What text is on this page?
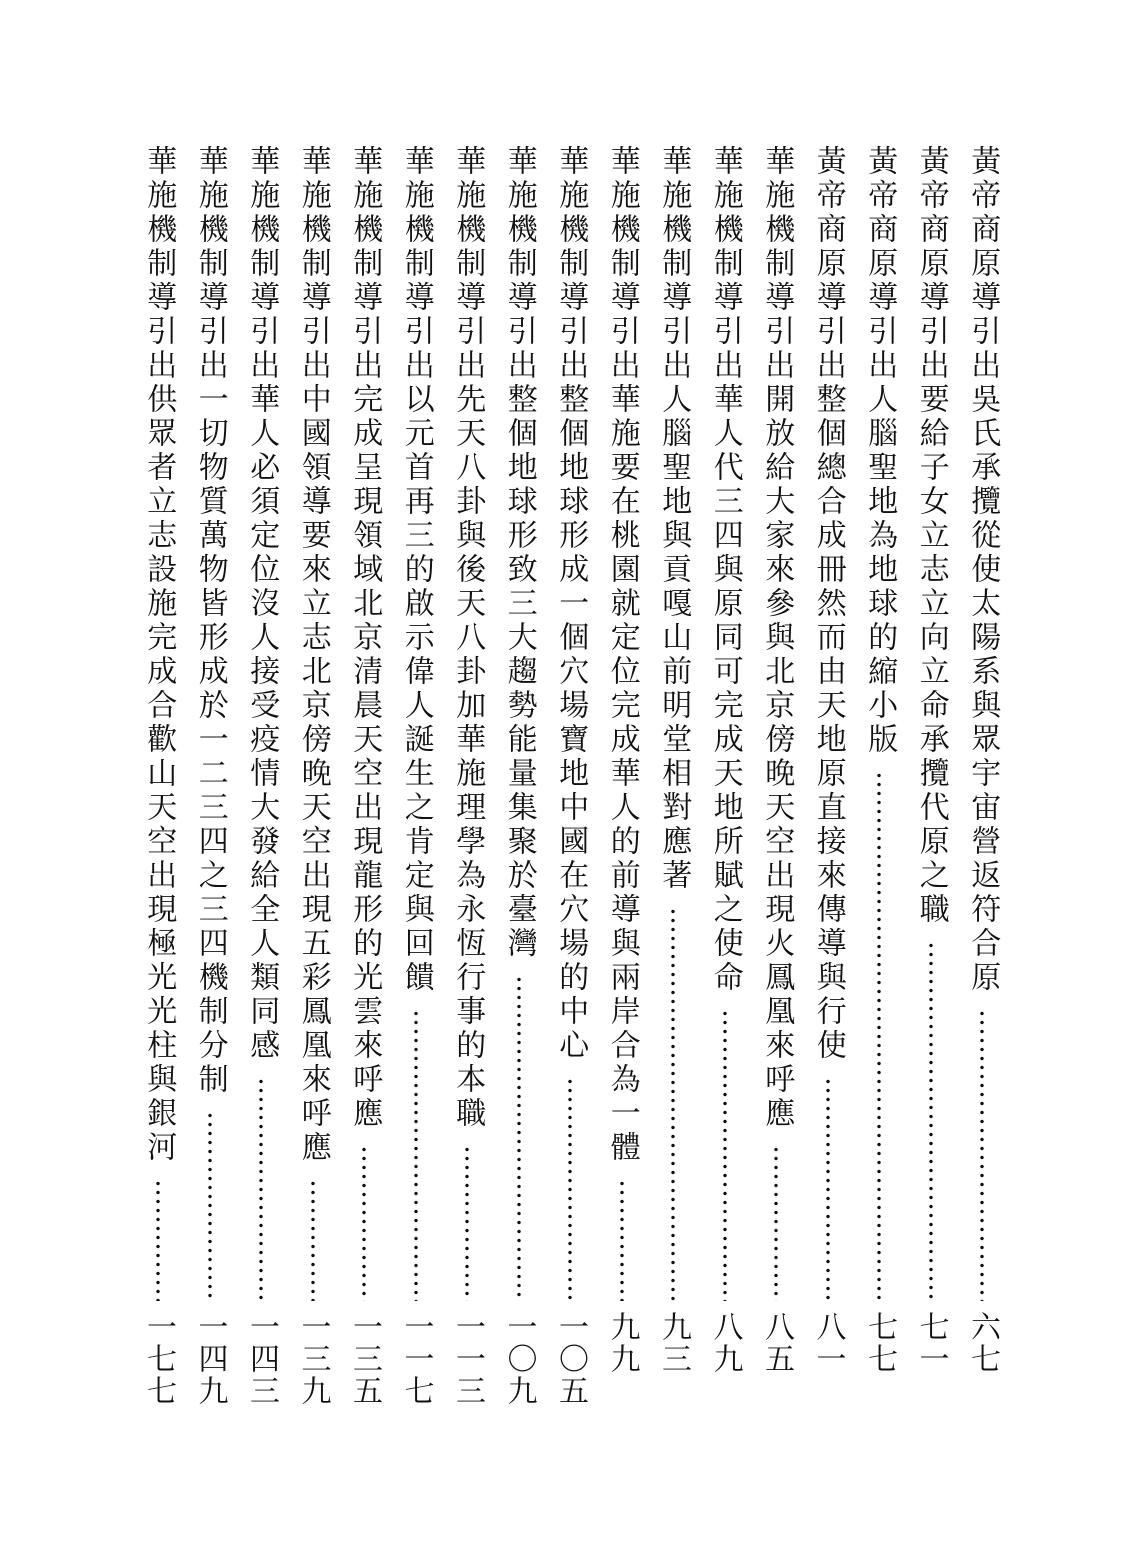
黃帝商原導引出吳氏承攬從使太陽系與眾宇宙營返符合原
六七
黃帝商原導引出要給子女立志立向立命承攬代原之職
七一
黃帝商原導引出人腦聖地為地球的縮小版
七七
黃帝商原導引出整個總合成冊然而由天地原直接來傳導與行使
八一
華施機制導引出開放給大家來參與北京傍晚天空出現火鳳凰來呼應
八五
華施機制導引出華人代三四與原同可完成天地所賦之使命
八九
華施機制導引出人腦聖地與貢嘎山前明堂相對應著
九三
華施機制導引出華施要在桃園就定位完成華人的前導與兩岸合為一體
九九
華施機制導引出整個地球形成一個穴場寶地中國在穴場的中心
一〇五
華施機制導引出整個地球形致三大趨勢能量集聚於臺灣
一〇九
華施機制導引出先天八卦與後天八卦加華施理學為永恆行事的本職
一一三
華施機制導引出以元首再三的啟示偉人誕生之肯定與回饋
一一七
華施機制導引出完成呈現領域北京清晨天空出現龍形的光雲來呼應
一三五
華施機制導引出中國領導要來立志北京傍晚天空出現五彩鳳凰來呼應
一三九
華施機制導引出華人必須定位沒人接受疫情大發給全人類同感
一四三
華施機制導引出一切物質萬物皆形成於一二三四之三四機制分制
一四九
華施機制導引出供眾者立志設施完成合歡山天空出現極光光柱與銀河
一七七
